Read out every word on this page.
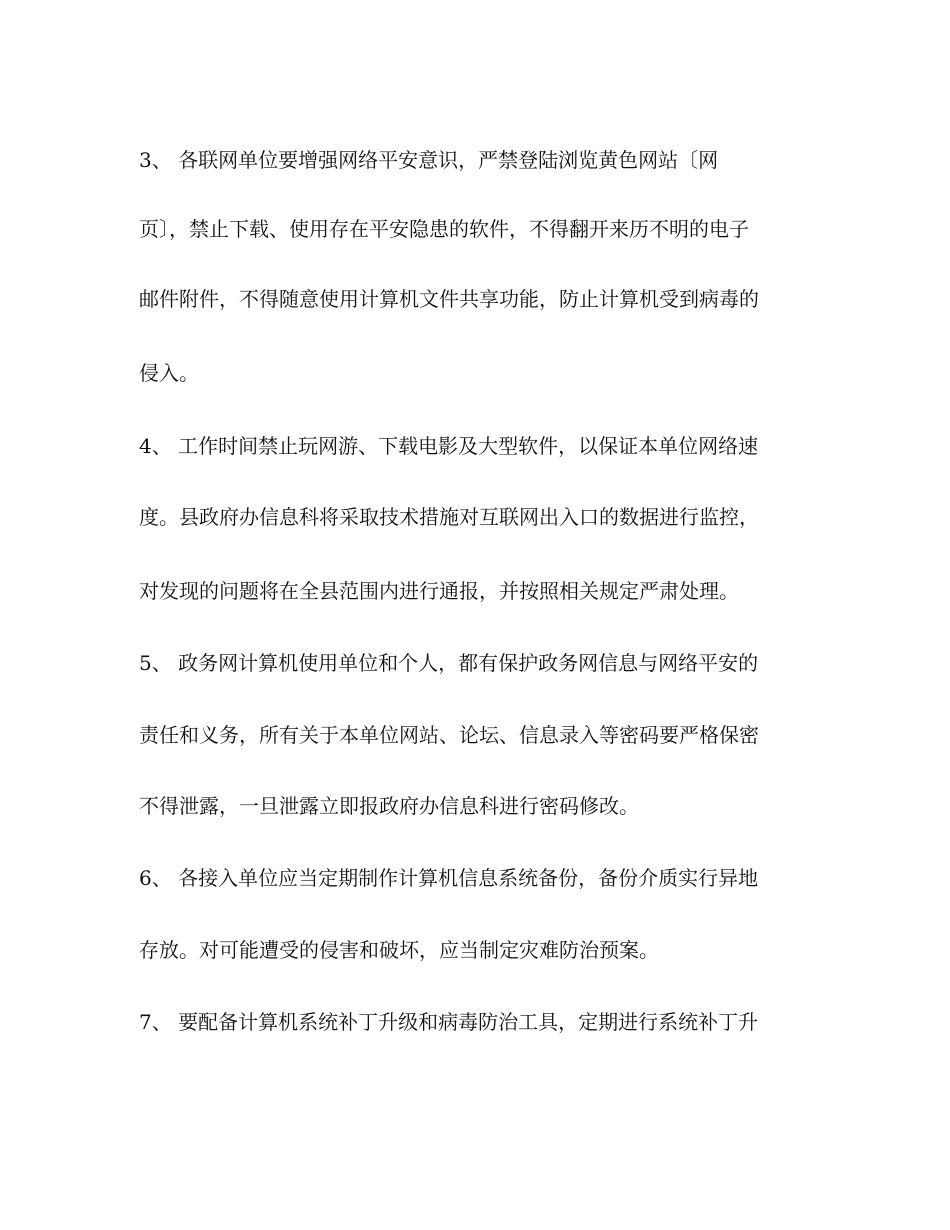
3、 各联网单位要增强网络平安意识，严禁登陆浏览黄色网站〔网
页〕，禁止下载、使用存在平安隐患的软件，不得翻开来历不明的电子
邮件附件，不得随意使用计算机文件共享功能，防止计算机受到病毒的
侵入。
4、 工作时间禁止玩网游、下载电影及大型软件，以保证本单位网络速
度。县政府办信息科将采取技术措施对互联网出入口的数据进行监控，
对发现的问题将在全县范围内进行通报，并按照相关规定严肃处理。
5、 政务网计算机使用单位和个人，都有保护政务网信息与网络平安的
责任和义务，所有关于本单位网站、论坛、信息录入等密码要严格保密
不得泄露，一旦泄露立即报政府办信息科进行密码修改。
6、 各接入单位应当定期制作计算机信息系统备份，备份介质实行异地
存放。对可能遭受的侵害和破坏，应当制定灾难防治预案。
7、 要配备计算机系统补丁升级和病毒防治工具，定期进行系统补丁升
